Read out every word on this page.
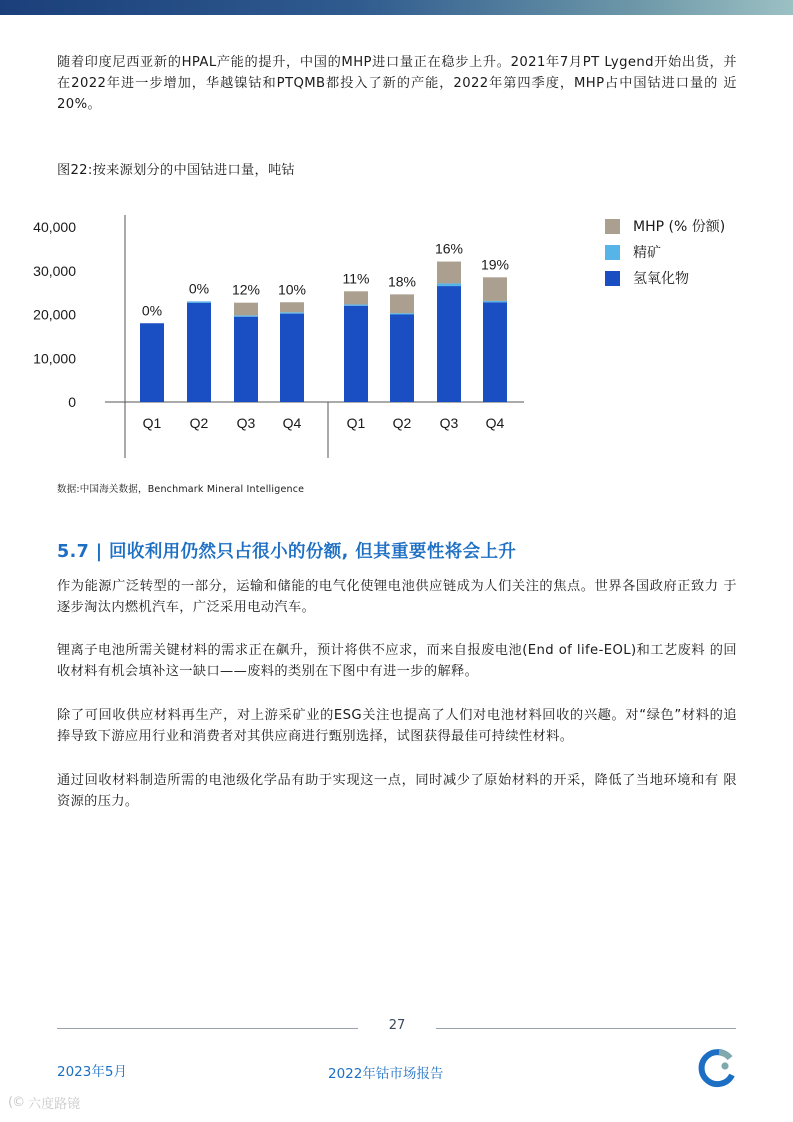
随着印度尼西亚新的HPAL产能的提升，中国的MHP进口量正在稳步上升。2021年7月PT Lygend开始出货，并在2022年进一步增加，华越镍钴和PTQMB都投入了新的产能，2022年第四季度，MHP占中国钴进口量的 近20%。

图22:按来源划分的中国钴进口量，吨钴
40,000
30,000
20,000
10,000
0
0%
Q1
0%
Q2
12%
Q3
10%
Q4
11%
Q1
18%
Q2
16%
Q3
19%
Q4
MHP (% 份额)
精矿
氢氧化物
数据:中国海关数据，Benchmark Mineral Intelligence
5.7 | 回收利用仍然只占很小的份额, 但其重要性将会上升

作为能源广泛转型的一部分，运输和储能的电气化使锂电池供应链成为人们关注的焦点。世界各国政府正致力 于逐步淘汰内燃机汽车，广泛采用电动汽车。

锂离子电池所需关键材料的需求正在飙升，预计将供不应求，而来自报废电池(End of life-EOL)和工艺废料 的回收材料有机会填补这一缺口——废料的类别在下图中有进一步的解释。

除了可回收供应材料再生产，对上游采矿业的ESG关注也提高了人们对电池材料回收的兴趣。对“绿色”材料的追捧导致下游应用行业和消费者对其供应商进行甄别选择，试图获得最佳可持续性材料。

通过回收材料制造所需的电池级化学品有助于实现这一点，同时减少了原始材料的开采，降低了当地环境和有 限资源的压力。

27
2023年5月	2022年钴市场报告
(© 六度路镜
